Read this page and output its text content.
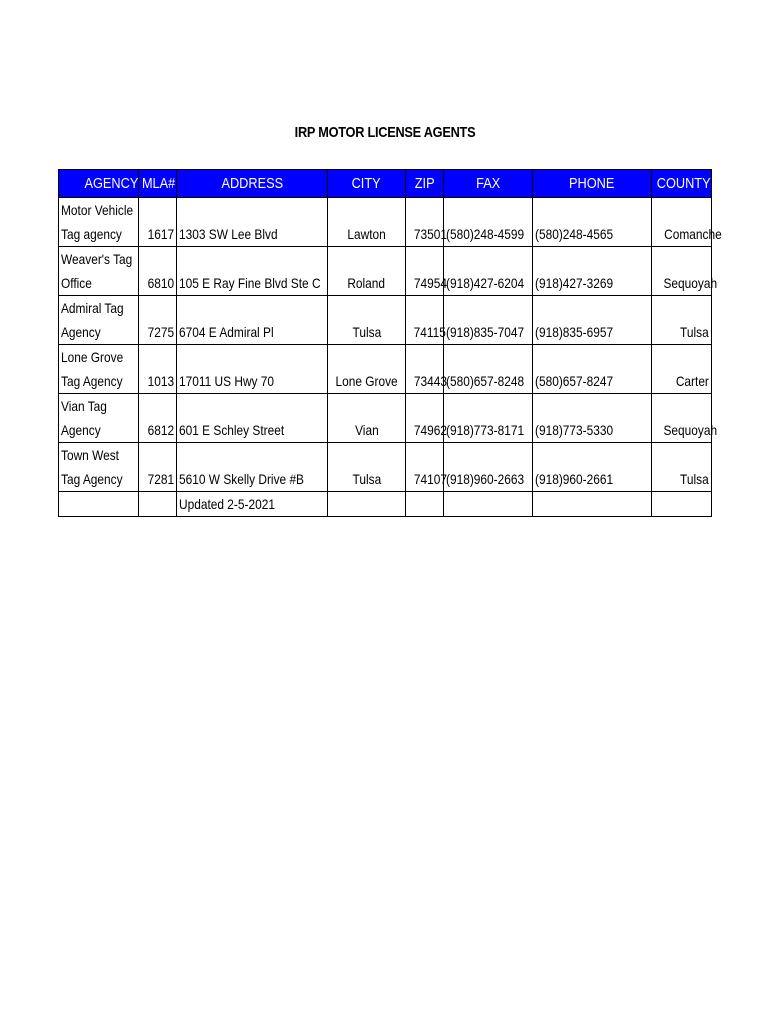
IRP MOTOR LICENSE AGENTS
AGENCY	MLA#	ADDRESS	CITY	ZIP	FAX	PHONE	COUNTY

Motor Vehicle
Tag agency	1617	1303 SW Lee Blvd	Lawton	73501	(580)248-4599	(580)248-4565	Comanche

Weaver's Tag
Office	6810	105 E Ray Fine Blvd Ste C	Roland	74954	(918)427-6204	(918)427-3269	Sequoyah

Admiral Tag
Agency	7275	6704 E Admiral Pl	Tulsa	74115	(918)835-7047	(918)835-6957	Tulsa

Lone Grove
Tag Agency	1013	17011 US Hwy 70	Lone Grove	73443	(580)657-8248	(580)657-8247	Carter

Vian Tag
Agency	6812	601 E Schley Street	Vian	74962	(918)773-8171	(918)773-5330	Sequoyah

Town West
Tag Agency	7281	5610 W Skelly Drive #B	Tulsa	74107	(918)960-2663	(918)960-2661	Tulsa
		Updated 2-5-2021					
